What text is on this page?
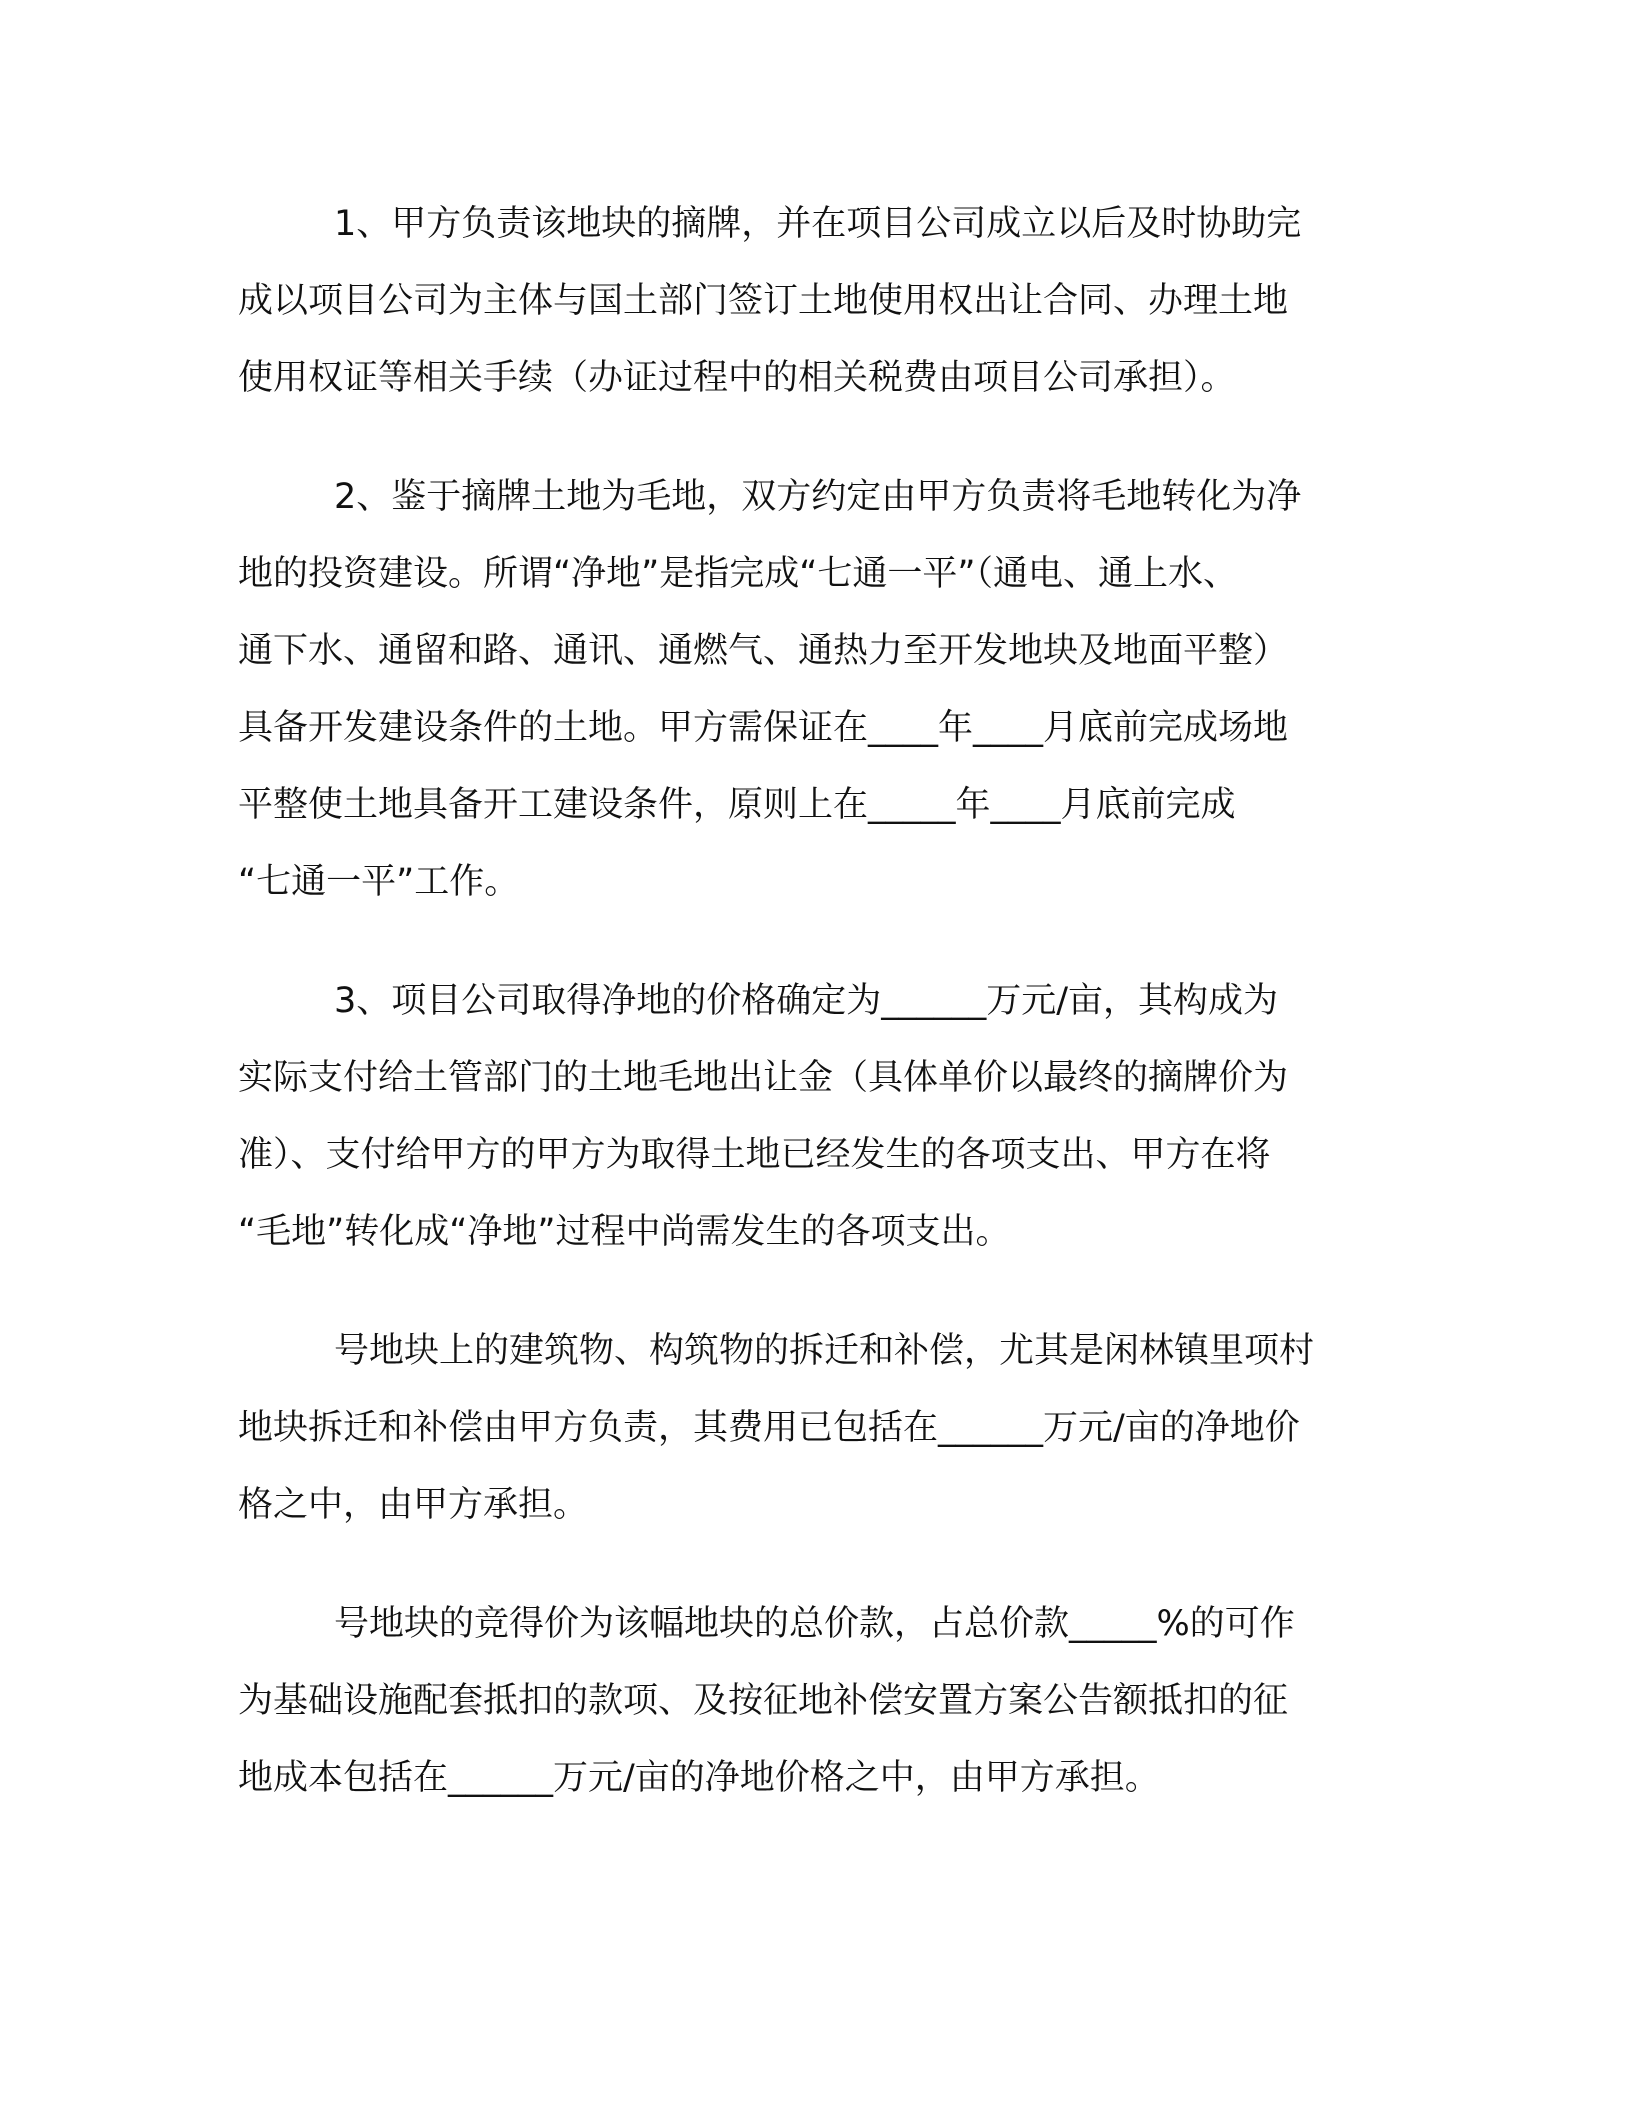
1、甲方负责该地块的摘牌，并在项目公司成立以后及时协助完
成以项目公司为主体与国土部门签订土地使用权出让合同、办理土地
使用权证等相关手续（办证过程中的相关税费由项目公司承担）。

2、鉴于摘牌土地为毛地，双方约定由甲方负责将毛地转化为净
地的投资建设。所谓“净地”是指完成“七通一平”（通电、通上水、
通下水、通留和路、通讯、通燃气、通热力至开发地块及地面平整）
具备开发建设条件的土地。甲方需保证在____年____月底前完成场地
平整使土地具备开工建设条件，原则上在_____年____月底前完成
“七通一平”工作。

3、项目公司取得净地的价格确定为______万元/亩，其构成为
实际支付给土管部门的土地毛地出让金（具体单价以最终的摘牌价为
准）、支付给甲方的甲方为取得土地已经发生的各项支出、甲方在将
“毛地”转化成“净地”过程中尚需发生的各项支出。

号地块上的建筑物、构筑物的拆迁和补偿，尤其是闲林镇里项村
地块拆迁和补偿由甲方负责，其费用已包括在______万元/亩的净地价
格之中，由甲方承担。

号地块的竞得价为该幅地块的总价款，占总价款_____%的可作
为基础设施配套抵扣的款项、及按征地补偿安置方案公告额抵扣的征
地成本包括在______万元/亩的净地价格之中，由甲方承担。
